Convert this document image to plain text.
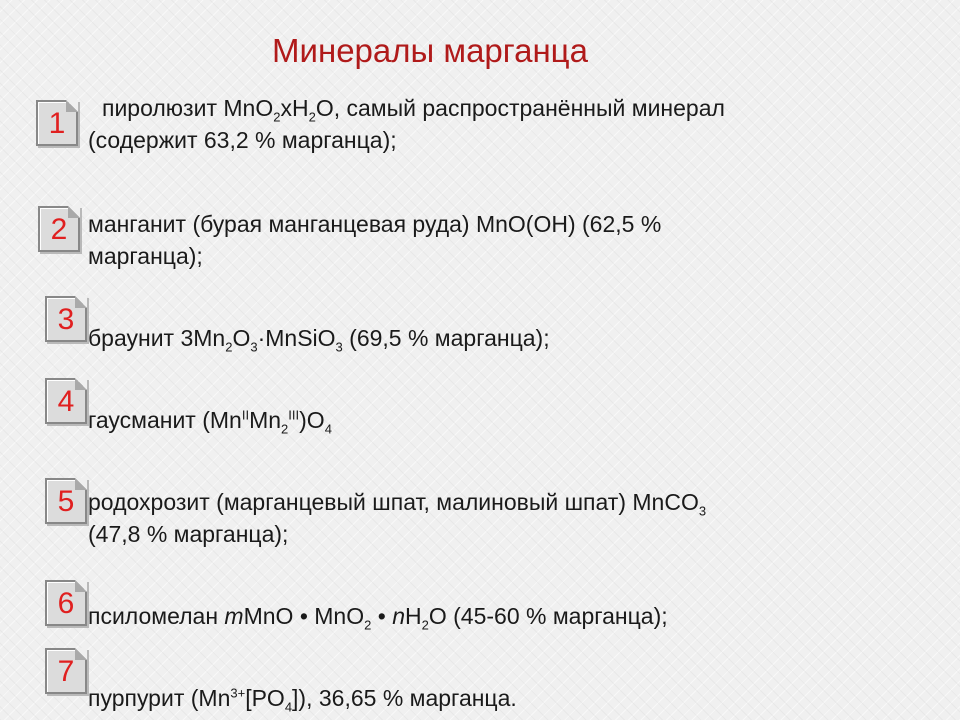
Минералы марганца
1
2
3
4
5
6
7
пиролюзит $MnO_2xH_2O$, самый распространённый минерал
(содержит 63,2 % марганца);
манганит (бурая манганцевая руда) MnO(OH) (62,5 %
марганца);
браунит $3Mn_2O_3\cdot MnSiO_3$ (69,5 % марганца);
гаусманит $(Mn^{II}Mn_2^{III})O_4$
родохрозит (марганцевый шпат, малиновый шпат) MnCO$_3$
(47,8 % марганца);
псиломелан mMnO • MnO$_2$ • $nH_2O$ (45-60 % марганца);
пурпурит $(Mn^{3+}[PO_4])$, 36,65 % марганца.
